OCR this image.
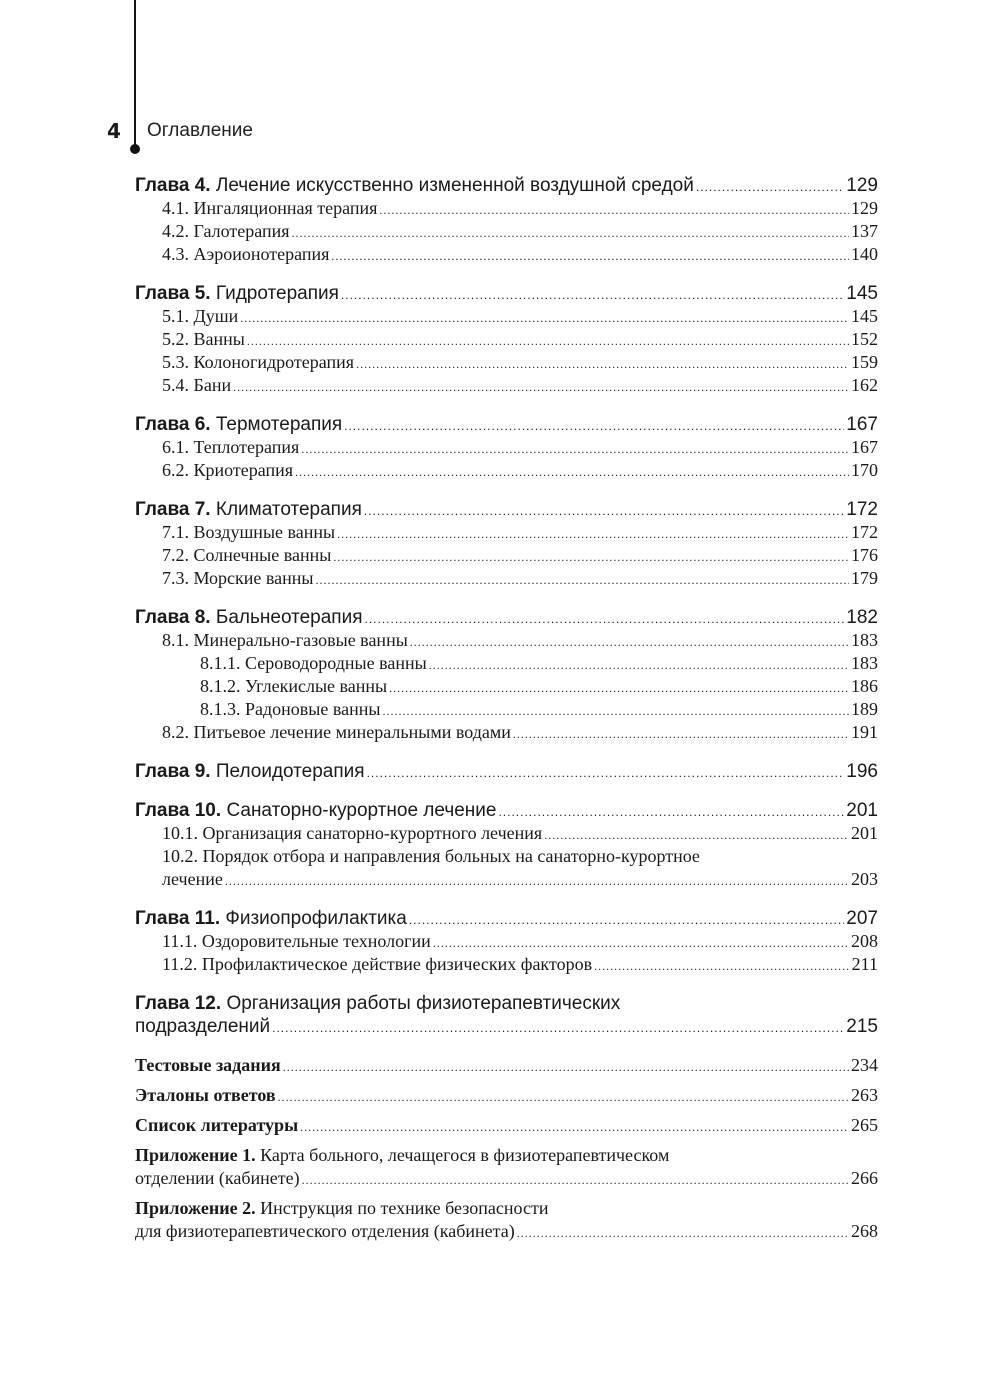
4 Оглавление
Глава 4. Лечение искусственно измененной воздушной средой .....	129
4.1. Ингаляционная терапия .....	129
4.2. Галотерапия .....	137
4.3. Аэроионотерапия .....	140
Глава 5. Гидротерапия .....	145
5.1. Души .....	145
5.2. Ванны .....	152
5.3. Колоногидротерапия .....	159
5.4. Бани .....	162
Глава 6. Термотерапия .....	167
6.1. Теплотерапия .....	167
6.2. Криотерапия .....	170
Глава 7. Климатотерапия .....	172
7.1. Воздушные ванны .....	172
7.2. Солнечные ванны .....	176
7.3. Морские ванны .....	179
Глава 8. Бальнеотерапия .....	182
8.1. Минерально-газовые ванны .....	183
8.1.1. Сероводородные ванны .....	183
8.1.2. Углекислые ванны .....	186
8.1.3. Радоновые ванны .....	189
8.2. Питьевое лечение минеральными водами .....	191
Глава 9. Пелоидотерапия .....	196
Глава 10. Санаторно-курортное лечение .....	201
10.1. Организация санаторно-курортного лечения .....	201
10.2. Порядок отбора и направления больных на санаторно-курортное
лечение .....	203
Глава 11. Физиопрофилактика .....	207
11.1. Оздоровительные технологии .....	208
11.2. Профилактическое действие физических факторов .....	211
Глава 12. Организация работы физиотерапевтических
подразделений .....	215
Тестовые задания .....	234
Эталоны ответов .....	263
Список литературы .....	265
Приложение 1. Карта больного, лечащегося в физиотерапевтическом
отделении (кабинете) .....	266
Приложение 2. Инструкция по технике безопасности
для физиотерапевтического отделения (кабинета) .....	268
